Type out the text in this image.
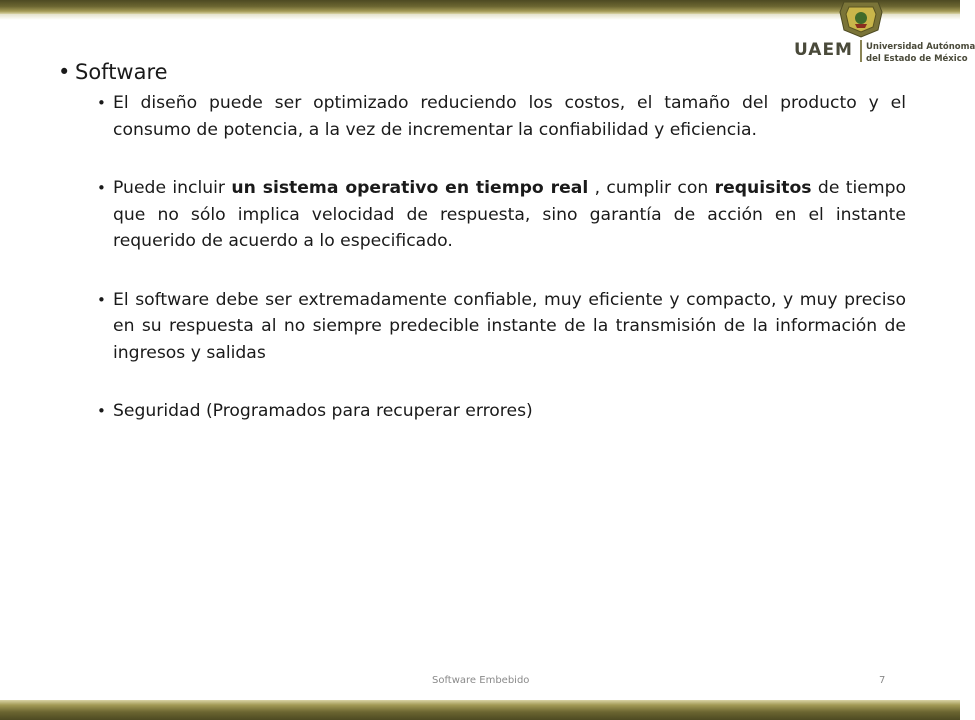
UAEM Universidad Autónoma
del Estado de México

• Software

• El diseño puede ser optimizado reduciendo los costos, el tamaño del producto y el consumo de potencia, a la vez de incrementar la confiabilidad y eficiencia.

• Puede incluir un sistema operativo en tiempo real , cumplir con requisitos de tiempo que no sólo implica velocidad de respuesta, sino garantía de acción en el instante requerido de acuerdo a lo especificado.

• El software debe ser extremadamente confiable, muy eficiente y compacto, y muy preciso en su respuesta al no siempre predecible instante de la transmisión de la información de ingresos y salidas

• Seguridad (Programados para recuperar errores)

Software Embebido	7
